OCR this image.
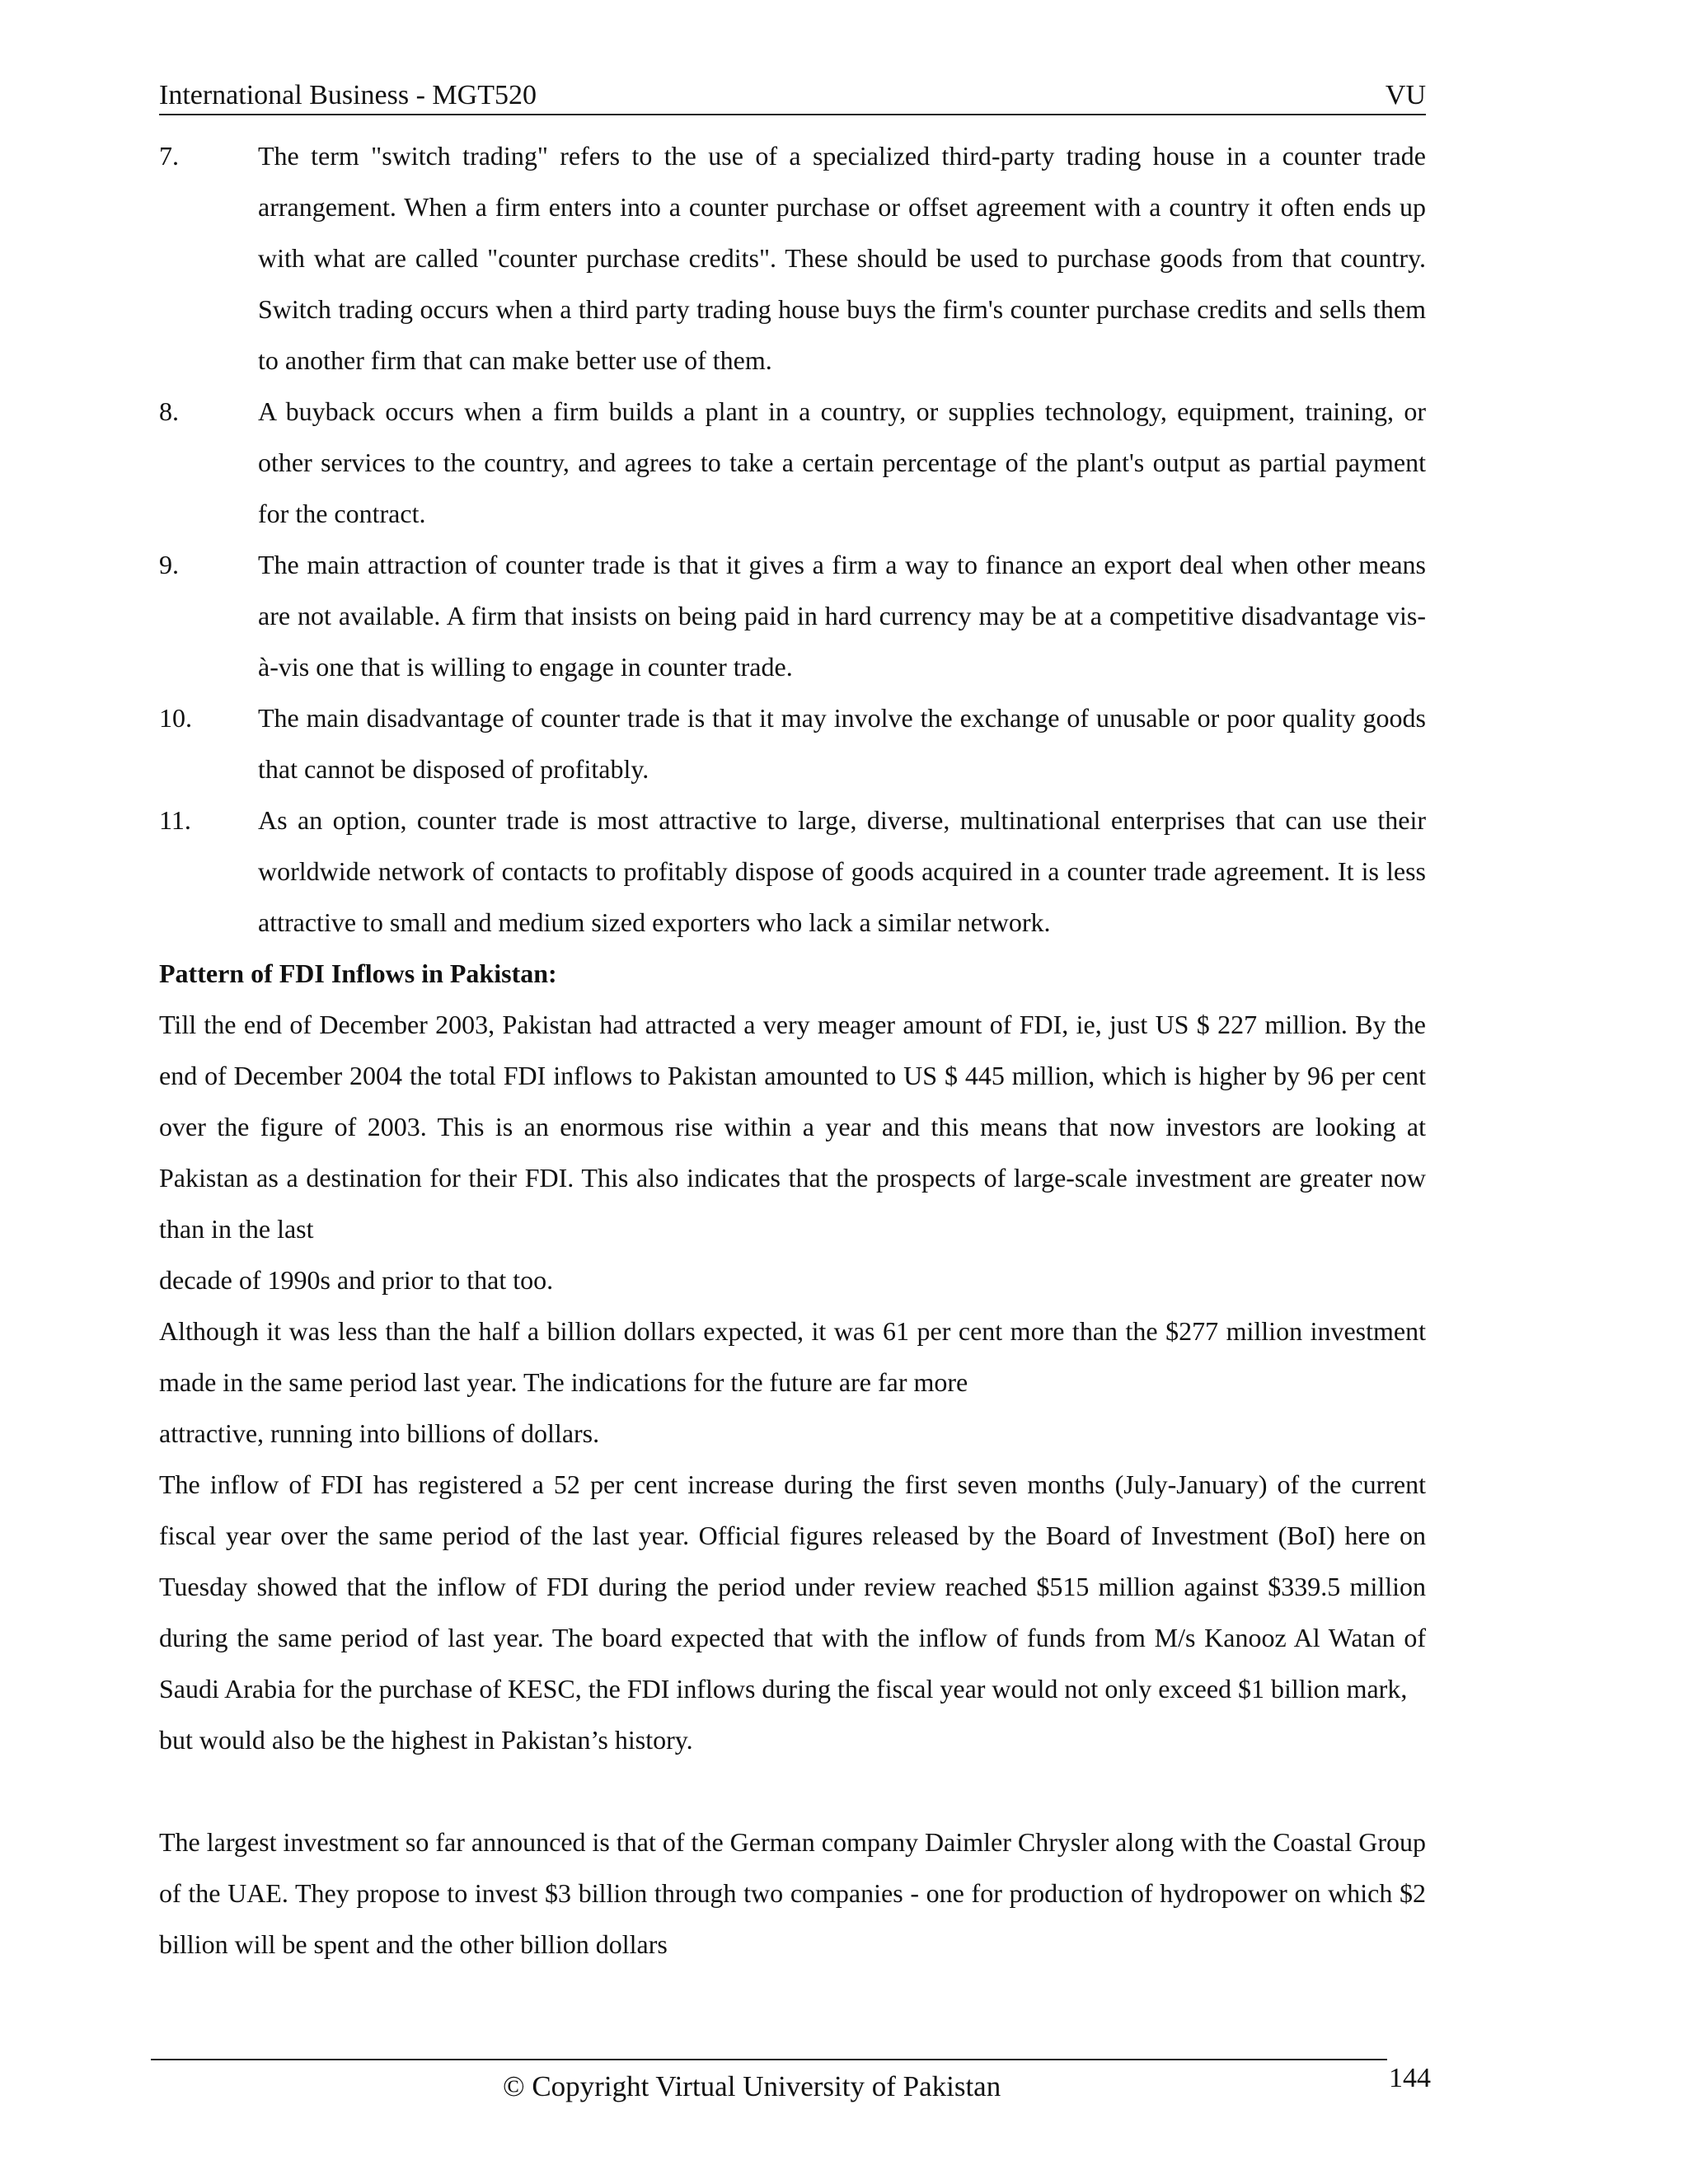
International Business - MGT520	VU
7.	The term "switch trading" refers to the use of a specialized third-party trading house in a counter trade arrangement. When a firm enters into a counter purchase or offset agreement with a country it often ends up with what are called "counter purchase credits". These should be used to purchase goods from that country. Switch trading occurs when a third party trading house buys the firm's counter purchase credits and sells them to another firm that can make better use of them.
8.	A buyback occurs when a firm builds a plant in a country, or supplies technology, equipment, training, or other services to the country, and agrees to take a certain percentage of the plant's output as partial payment for the contract.
9.	The main attraction of counter trade is that it gives a firm a way to finance an export deal when other means are not available. A firm that insists on being paid in hard currency may be at a competitive disadvantage vis-à-vis one that is willing to engage in counter trade.
10.	The main disadvantage of counter trade is that it may involve the exchange of unusable or poor quality goods that cannot be disposed of profitably.
11.	As an option, counter trade is most attractive to large, diverse, multinational enterprises that can use their worldwide network of contacts to profitably dispose of goods acquired in a counter trade agreement. It is less attractive to small and medium sized exporters who lack a similar network.
Pattern of FDI Inflows in Pakistan:
Till the end of December 2003, Pakistan had attracted a very meager amount of FDI, ie, just US $ 227 million. By the end of December 2004 the total FDI inflows to Pakistan amounted to US $ 445 million, which is higher by 96 per cent over the figure of 2003. This is an enormous rise within a year and this means that now investors are looking at Pakistan as a destination for their FDI. This also indicates that the prospects of large-scale investment are greater now than in the last
decade of 1990s and prior to that too.
Although it was less than the half a billion dollars expected, it was 61 per cent more than the $277 million investment made in the same period last year. The indications for the future are far more
attractive, running into billions of dollars.
The inflow of FDI has registered a 52 per cent increase during the first seven months (July-January) of the current fiscal year over the same period of the last year. Official figures released by the Board of Investment (BoI) here on Tuesday showed that the inflow of FDI during the period under review reached $515 million against $339.5 million during the same period of last year. The board expected that with the inflow of funds from M/s Kanooz Al Watan of Saudi Arabia for the purchase of KESC, the FDI inflows during the fiscal year would not only exceed $1 billion mark,
but would also be the highest in Pakistan’s history.
The largest investment so far announced is that of the German company Daimler Chrysler along with the Coastal Group of the UAE. They propose to invest $3 billion through two companies - one for production of hydropower on which $2 billion will be spent and the other billion dollars
© Copyright Virtual University of Pakistan	144
